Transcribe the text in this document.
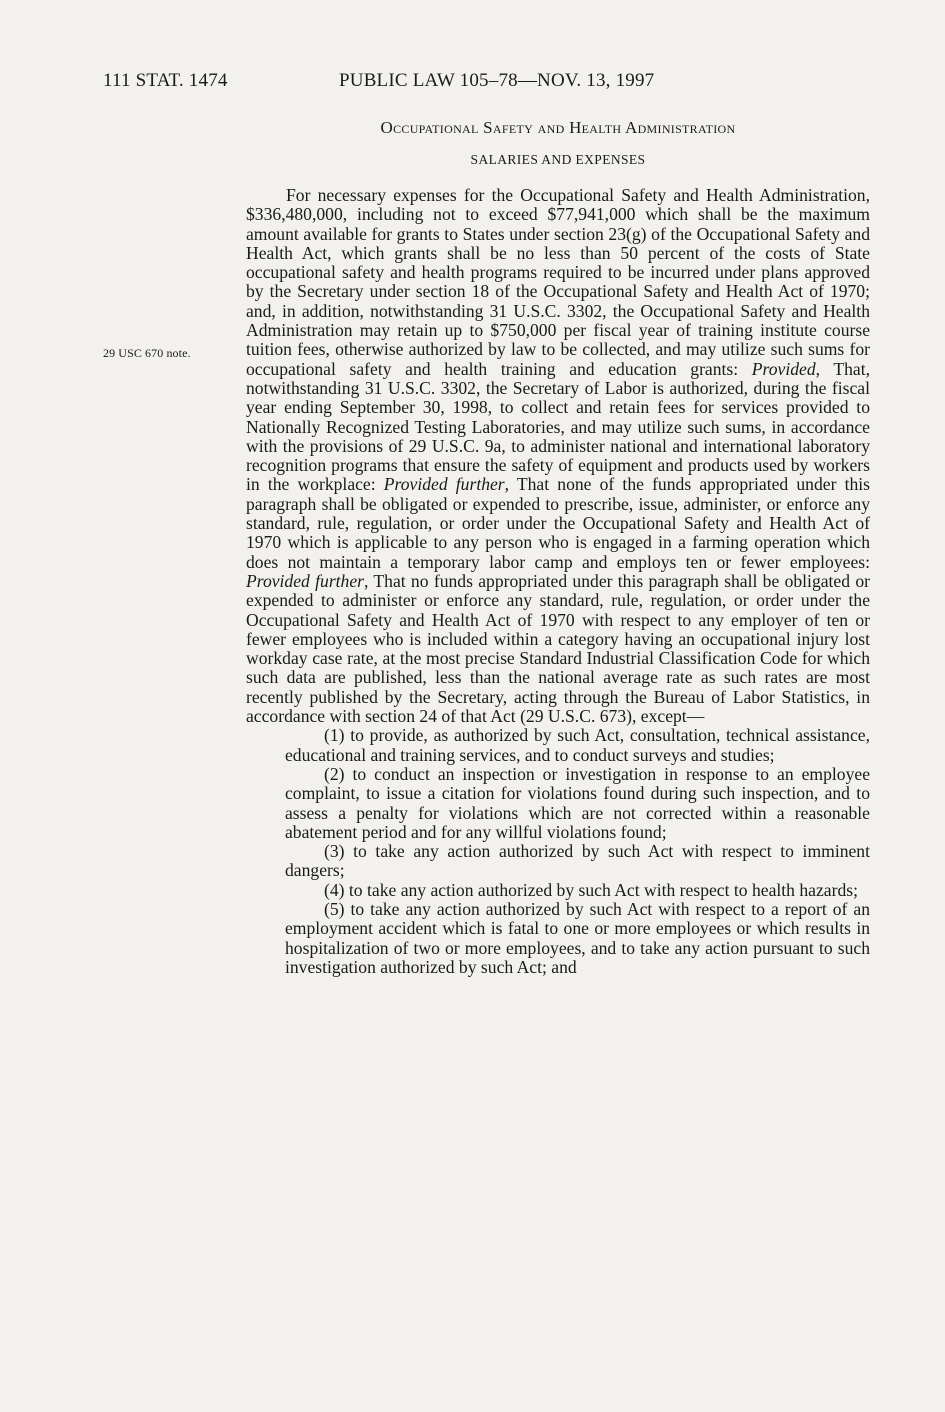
111 STAT. 1474	PUBLIC LAW 105–78—NOV. 13, 1997
Occupational Safety and Health Administration
SALARIES AND EXPENSES
29 USC 670 note.

For necessary expenses for the Occupational Safety and Health Administration, $336,480,000, including not to exceed $77,941,000 which shall be the maximum amount available for grants to States under section 23(g) of the Occupational Safety and Health Act, which grants shall be no less than 50 percent of the costs of State occupational safety and health programs required to be incurred under plans approved by the Secretary under section 18 of the Occupational Safety and Health Act of 1970; and, in addition, notwithstanding 31 U.S.C. 3302, the Occupational Safety and Health Administration may retain up to $750,000 per fiscal year of training institute course tuition fees, otherwise authorized by law to be collected, and may utilize such sums for occupational safety and health training and education grants: Provided, That, notwithstanding 31 U.S.C. 3302, the Secretary of Labor is authorized, during the fiscal year ending September 30, 1998, to collect and retain fees for services provided to Nationally Recognized Testing Laboratories, and may utilize such sums, in accordance with the provisions of 29 U.S.C. 9a, to administer national and international laboratory recognition programs that ensure the safety of equipment and products used by workers in the workplace: Provided further, That none of the funds appropriated under this paragraph shall be obligated or expended to prescribe, issue, administer, or enforce any standard, rule, regulation, or order under the Occupational Safety and Health Act of 1970 which is applicable to any person who is engaged in a farming operation which does not maintain a temporary labor camp and employs ten or fewer employees: Provided further, That no funds appropriated under this paragraph shall be obligated or expended to administer or enforce any standard, rule, regulation, or order under the Occupational Safety and Health Act of 1970 with respect to any employer of ten or fewer employees who is included within a category having an occupational injury lost workday case rate, at the most precise Standard Industrial Classification Code for which such data are published, less than the national average rate as such rates are most recently published by the Secretary, acting through the Bureau of Labor Statistics, in accordance with section 24 of that Act (29 U.S.C. 673), except—

(1) to provide, as authorized by such Act, consultation, technical assistance, educational and training services, and to conduct surveys and studies;

(2) to conduct an inspection or investigation in response to an employee complaint, to issue a citation for violations found during such inspection, and to assess a penalty for violations which are not corrected within a reasonable abatement period and for any willful violations found;

(3) to take any action authorized by such Act with respect to imminent dangers;

(4) to take any action authorized by such Act with respect to health hazards;

(5) to take any action authorized by such Act with respect to a report of an employment accident which is fatal to one or more employees or which results in hospitalization of two or more employees, and to take any action pursuant to such investigation authorized by such Act; and
